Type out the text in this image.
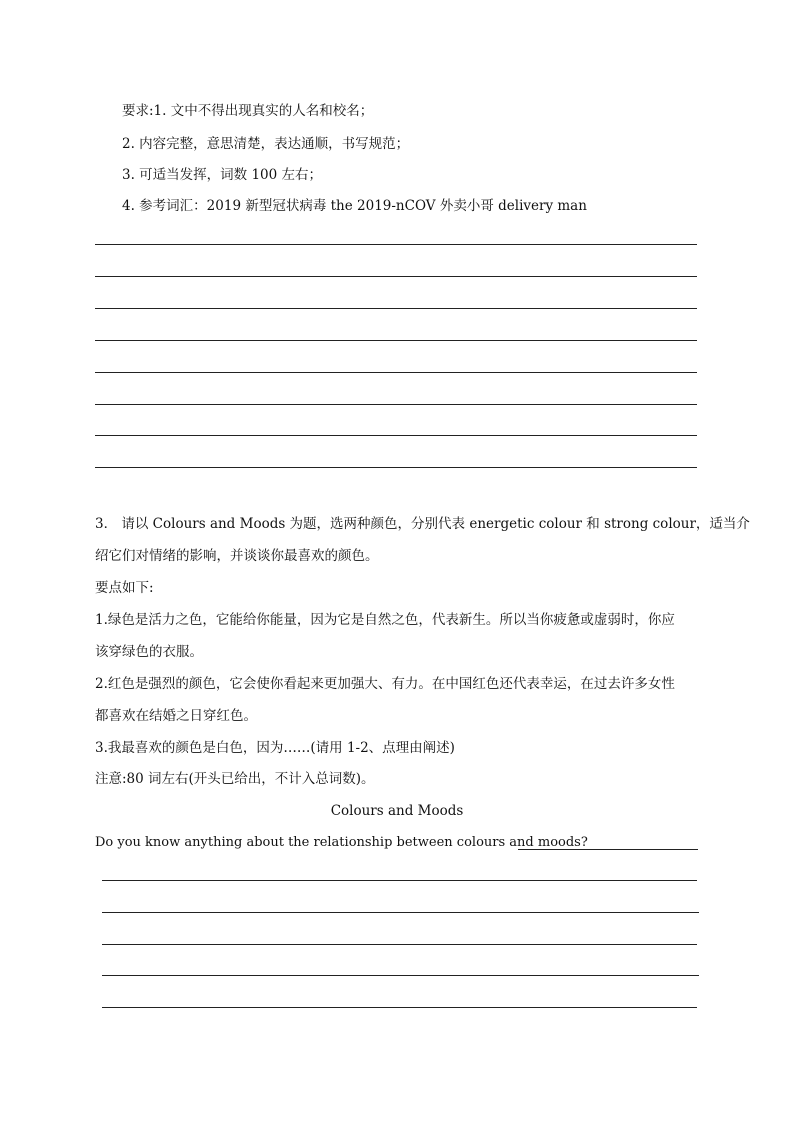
要求:1. 文中不得出现真实的人名和校名；
2. 内容完整，意思清楚，表达通顺，书写规范；
3. 可适当发挥，词数 100 左右；
4. 参考词汇：2019 新型冠状病毒 the 2019-nCOV 外卖小哥 delivery man
3． 请以 Colours and Moods 为题，选两种颜色，分别代表 energetic colour 和 strong colour，适当介
绍它们对情绪的影响，并谈谈你最喜欢的颜色。
要点如下:
1.绿色是活力之色，它能给你能量，因为它是自然之色，代表新生。所以当你疲惫或虚弱时，你应
该穿绿色的衣服。
2.红色是强烈的颜色，它会使你看起来更加强大、有力。在中国红色还代表幸运，在过去许多女性
都喜欢在结婚之日穿红色。
3.我最喜欢的颜色是白色，因为……(请用 1-2、点理由阐述)
注意:80 词左右(开头已给出，不计入总词数)。
Colours and Moods
Do you know anything about the relationship between colours and moods?
